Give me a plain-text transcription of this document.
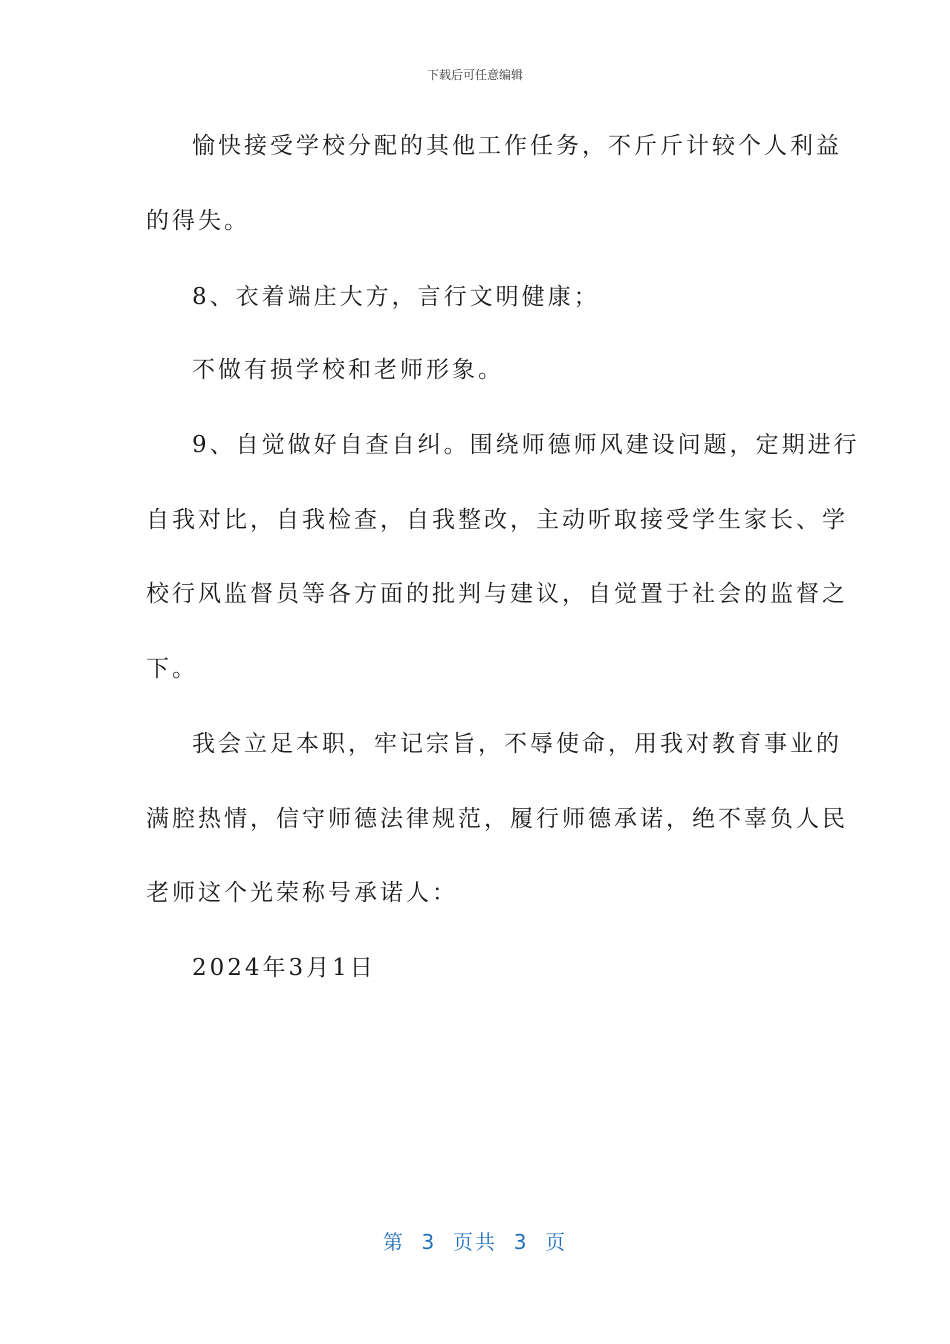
下载后可任意编辑
愉快接受学校分配的其他工作任务，不斤斤计较个人利益
的得失。
8、衣着端庄大方，言行文明健康；
不做有损学校和老师形象。
9、自觉做好自查自纠。围绕师德师风建设问题，定期进行
自我对比，自我检查，自我整改，主动听取接受学生家长、学
校行风监督员等各方面的批判与建议，自觉置于社会的监督之
下。
我会立足本职，牢记宗旨，不辱使命，用我对教育事业的
满腔热情，信守师德法律规范，履行师德承诺，绝不辜负人民
老师这个光荣称号承诺人：
2024年3月1日
第  3  页共  3  页
